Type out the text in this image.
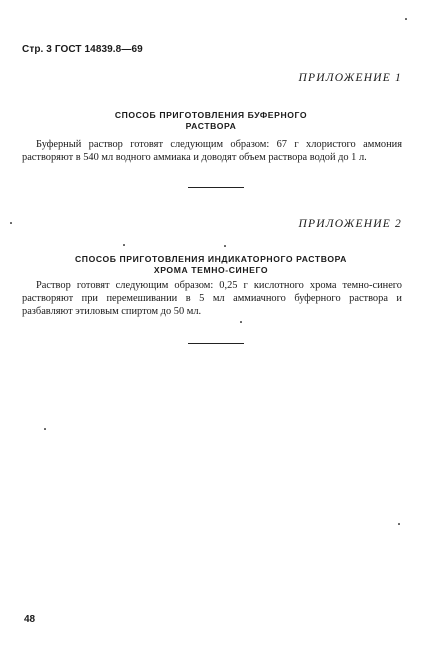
Стр. 3 ГОСТ 14839.8—69
ПРИЛОЖЕНИЕ 1
СПОСОБ ПРИГОТОВЛЕНИЯ БУФЕРНОГО
РАСТВОРА
Буферный раствор готовят следующим образом: 67 г хлористого аммония растворяют в 540 мл водного аммиака и доводят объем раствора водой до 1 л.
ПРИЛОЖЕНИЕ 2
СПОСОБ ПРИГОТОВЛЕНИЯ ИНДИКАТОРНОГО РАСТВОРА
ХРОМА ТЕМНО-СИНЕГО
Раствор готовят следующим образом: 0,25 г кислотного хрома темно-синего растворяют при перемешивании в 5 мл аммиачного буферного раствора и разбавляют этиловым спиртом до 50 мл.
48
